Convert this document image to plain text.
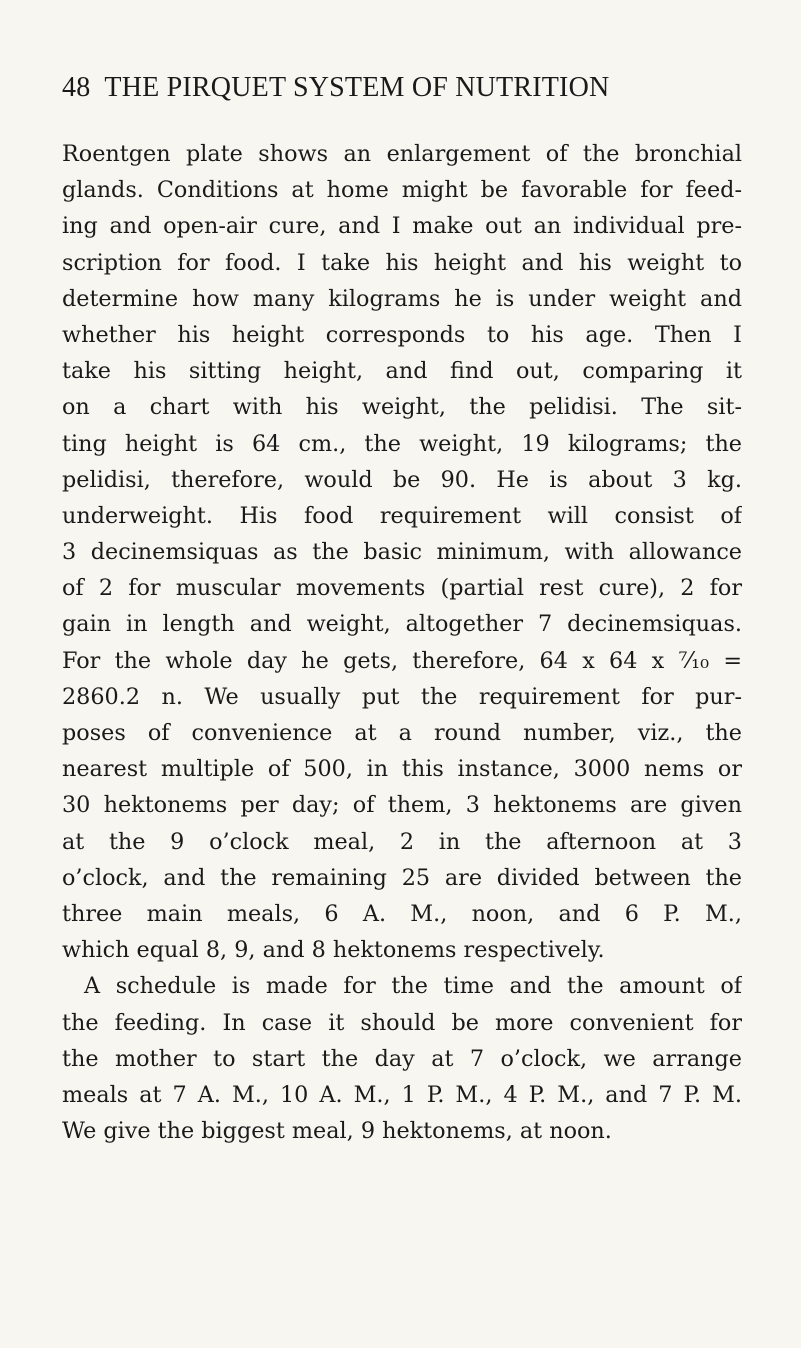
48 THE PIRQUET SYSTEM OF NUTRITION
Roentgen plate shows an enlargement of the bronchial
glands. Conditions at home might be favorable for feed-
ing and open-air cure, and I make out an individual pre-
scription for food. I take his height and his weight to
determine how many kilograms he is under weight and
whether his height corresponds to his age. Then I
take his sitting height, and find out, comparing it
on a chart with his weight, the pelidisi. The sit-
ting height is 64 cm., the weight, 19 kilograms; the
pelidisi, therefore, would be 90. He is about 3 kg.
underweight. His food requirement will consist of
3 decinemsiquas as the basic minimum, with allowance
of 2 for muscular movements (partial rest cure), 2 for
gain in length and weight, altogether 7 decinemsiquas.
For the whole day he gets, therefore, 64 x 64 x ⁷⁄₁₀ =
2860.2 n. We usually put the requirement for pur-
poses of convenience at a round number, viz., the
nearest multiple of 500, in this instance, 3000 nems or
30 hektonems per day; of them, 3 hektonems are given
at the 9 o’clock meal, 2 in the afternoon at 3
o’clock, and the remaining 25 are divided between the
three main meals, 6 A. M., noon, and 6 P. M.,
which equal 8, 9, and 8 hektonems respectively.
A schedule is made for the time and the amount of
the feeding. In case it should be more convenient for
the mother to start the day at 7 o’clock, we arrange
meals at 7 A. M., 10 A. M., 1 P. M., 4 P. M., and 7 P. M.
We give the biggest meal, 9 hektonems, at noon.
